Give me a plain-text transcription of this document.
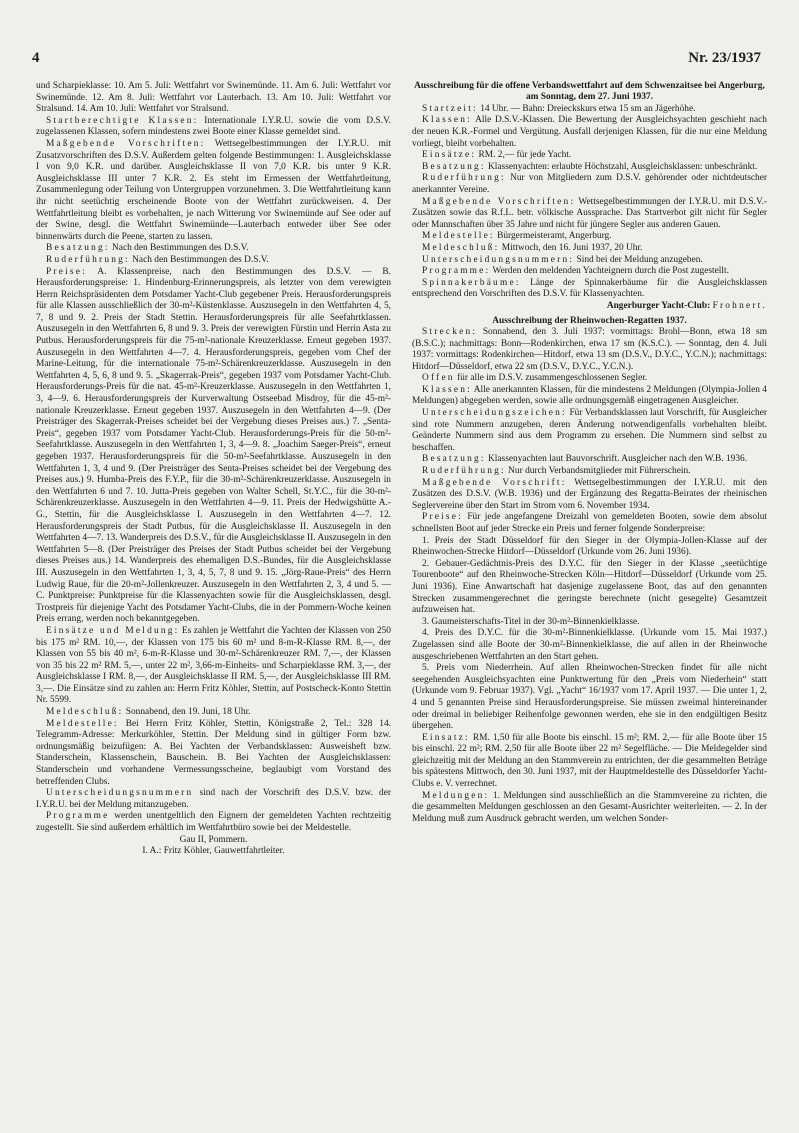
4	Nr. 23/1937

und Scharpieklasse: 10. Am 5. Juli: Wettfahrt vor Swinemünde. 11. Am 6. Juli: Wettfahrt vor Swinemünde. 12. Am 8. Juli: Wettfahrt vor Lauterbach. 13. Am 10. Juli: Wettfahrt vor Stralsund. 14. Am 10. Juli: Wettfahrt vor Stralsund.

Startberechtigte Klassen: Internationale I.Y.R.U. sowie die vom D.S.V. zugelassenen Klassen, sofern mindestens zwei Boote einer Klasse gemeldet sind.

Maßgebende Vorschriften: Wettsegelbestimmungen der I.Y.R.U. mit Zusatzvorschriften des D.S.V. Außerdem gelten folgende Bestimmungen: 1. Ausgleichsklasse I von 9,0 K.R. und darüber. Ausgleichsklasse II von 7,0 K.R. bis unter 9 K.R. Ausgleichsklasse III unter 7 K.R. 2. Es steht im Ermessen der Wettfahrtleitung, Zusammenlegung oder Teilung von Untergruppen vorzunehmen. 3. Die Wettfahrtleitung kann ihr nicht seetüchtig erscheinende Boote von der Wettfahrt zurückweisen. 4. Der Wettfahrtleitung bleibt es vorbehalten, je nach Witterung vor Swinemünde auf See oder auf der Swine, desgl. die Wettfahrt Swinemünde—Lauterbach entweder über See oder binnenwärts durch die Peene, starten zu lassen.

Besatzung: Nach den Bestimmungen des D.S.V.

Ruderführung: Nach den Bestimmungen des D.S.V.

Preise: A. Klassenpreise, nach den Bestimmungen des D.S.V. — B. Herausforderungspreise: 1. Hindenburg-Erinnerungspreis, als letzter von dem verewigten Herrn Reichspräsidenten dem Potsdamer Yacht-Club gegebener Preis. Herausforderungspreis für alle Klassen ausschließlich der 30-m²-Küstenklasse. Auszusegeln in den Wettfahrten 4, 5, 7, 8 und 9. 2. Preis der Stadt Stettin. Herausforderungspreis für alle Seefahrtklassen. Auszusegeln in den Wettfahrten 6, 8 und 9. 3. Preis der verewigten Fürstin und Herrin Asta zu Putbus. Herausforderungspreis für die 75-m²-nationale Kreuzerklasse. Erneut gegeben 1937. Auszusegeln in den Wettfahrten 4—7. 4. Herausforderungspreis, gegeben vom Chef der Marine-Leitung, für die internationale 75-m²-Schärenkreuzerklasse. Auszusegeln in den Wettfahrten 4, 5, 6, 8 und 9. 5. „Skagerrak-Preis“, gegeben 1937 vom Potsdamer Yacht-Club. Herausforderungs-Preis für die nat. 45-m²-Kreuzerklasse. Auszusegeln in den Wettfahrten 1, 3, 4—9. 6. Herausforderungspreis der Kurverwaltung Ostseebad Misdroy, für die 45-m²-nationale Kreuzerklasse. Erneut gegeben 1937. Auszusegeln in den Wettfahrten 4—9. (Der Preisträger des Skagerrak-Preises scheidet bei der Vergebung dieses Preises aus.) 7. „Senta-Preis“, gegeben 1937 vom Potsdamer Yacht-Club. Herausforderungs-Preis für die 50-m²-Seefahrtklasse. Auszusegeln in den Wettfahrten 1, 3, 4—9. 8. „Joachim Saeger-Preis“, erneut gegeben 1937. Herausforderungspreis für die 50-m²-Seefahrtklasse. Auszusegeln in den Wettfahrten 1, 3, 4 und 9. (Der Preisträger des Senta-Preises scheidet bei der Vergebung des Preises aus.) 9. Humba-Preis des F.Y.P., für die 30-m²-Schärenkreuzerklasse. Auszusegeln in den Wettfahrten 6 und 7. 10. Jutta-Preis gegeben von Walter Schell, St.Y.C., für die 30-m²-Schärenkreuzerklasse. Auszusegeln in den Wettfahrten 4—9. 11. Preis der Hedwigshütte A.-G., Stettin, für die Ausgleichsklasse I. Auszusegeln in den Wettfahrten 4—7. 12. Herausforderungspreis der Stadt Putbus, für die Ausgleichsklasse II. Auszusegeln in den Wettfahrten 4—7. 13. Wanderpreis des D.S.V., für die Ausgleichsklasse II. Auszusegeln in den Wettfahrten 5—8. (Der Preisträger des Preises der Stadt Putbus scheidet bei der Vergebung dieses Preises aus.) 14. Wanderpreis des ehemaligen D.S.-Bundes, für die Ausgleichsklasse III. Auszusegeln in den Wettfahrten 1, 3, 4, 5, 7, 8 und 9. 15. „Jörg-Raue-Preis“ des Herrn Ludwig Raue, für die 20-m²-Jollenkreuzer. Auszusegeln in den Wettfahrten 2, 3, 4 und 5. — C. Punktpreise: Punktpreise für die Klassenyachten sowie für die Ausgleichsklassen, desgl. Trostpreis für diejenige Yacht des Potsdamer Yacht-Clubs, die in der Pommern-Woche keinen Preis errang, werden noch bekanntgegeben.

Einsätze und Meldung: Es zahlen je Wettfahrt die Yachten der Klassen von 250 bis 175 m² RM. 10,—, der Klassen von 175 bis 60 m² und 8-m-R-Klasse RM. 8,—, der Klassen von 55 bis 40 m², 6-m-R-Klasse und 30-m²-Schärenkreuzer RM. 7,—, der Klassen von 35 bis 22 m² RM. 5,—, unter 22 m², 3,66-m-Einheits- und Scharpieklasse RM. 3,—, der Ausgleichsklasse I RM. 8,—, der Ausgleichsklasse II RM. 5,—, der Ausgleichsklasse III RM. 3,—. Die Einsätze sind zu zahlen an: Herrn Fritz Köhler, Stettin, auf Postscheck-Konto Stettin Nr. 5599.

Meldeschluß: Sonnabend, den 19. Juni, 18 Uhr.

Meldestelle: Bei Herrn Fritz Köhler, Stettin, Königstraße 2, Tel.: 328 14. Telegramm-Adresse: Merkurköhler, Stettin. Der Meldung sind in gültiger Form bzw. ordnungsmäßig beizufügen: A. Bei Yachten der Verbandsklassen: Ausweisheft bzw. Standerschein, Klassenschein, Bauschein. B. Bei Yachten der Ausgleichsklassen: Standerschein und vorhandene Vermessungsscheine, beglaubigt vom Vorstand des betreffenden Clubs.

Unterscheidungsnummern sind nach der Vorschrift des D.S.V. bzw. der I.Y.R.U. bei der Meldung mitanzugeben.

Programme werden unentgeltlich den Eignern der gemeldeten Yachten rechtzeitig zugestellt. Sie sind außerdem erhältlich im Wettfahrtbüro sowie bei der Meldestelle.

Gau II, Pommern.

I. A.: Fritz Köhler, Gauwettfahrtleiter.

Ausschreibung für die offene Verbandswettfahrt auf dem Schwenzaitsee bei Angerburg, am Sonntag, dem 27. Juni 1937.

Startzeit: 14 Uhr. — Bahn: Dreieckskurs etwa 15 sm an Jägerhöhe.

Klassen: Alle D.S.V.-Klassen. Die Bewertung der Ausgleichsyachten geschieht nach der neuen K.R.-Formel und Vergütung. Ausfall derjenigen Klassen, für die nur eine Meldung vorliegt, bleibt vorbehalten.

Einsätze: RM. 2,— für jede Yacht.

Besatzung: Klassenyachten: erlaubte Höchstzahl, Ausgleichsklassen: unbeschränkt.

Ruderführung: Nur von Mitgliedern zum D.S.V. gehörender oder nichtdeutscher anerkannter Vereine.

Maßgebende Vorschriften: Wettsegelbestimmungen der I.Y.R.U. mit D.S.V.-Zusätzen sowie das R.f.L. betr. völkische Aussprache. Das Startverbot gilt nicht für Segler oder Mannschaften über 35 Jahre und nicht für jüngere Segler aus anderen Gauen.

Meldestelle: Bürgermeisteramt, Angerburg.

Meldeschluß: Mittwoch, den 16. Juni 1937, 20 Uhr.

Unterscheidungsnummern: Sind bei der Meldung anzugeben.

Programme: Werden den meldenden Yachteignern durch die Post zugestellt.

Spinnakerbäume: Länge der Spinnakerbäume für die Ausgleichsklassen entsprechend den Vorschriften des D.S.V. für Klassenyachten.

Angerburger Yacht-Club: Frohnert.

Ausschreibung der Rheinwochen-Regatten 1937.

Strecken: Sonnabend, den 3. Juli 1937: vormittags: Brohl—Bonn, etwa 18 sm (B.S.C.); nachmittags: Bonn—Rodenkirchen, etwa 17 sm (K.S.C.). — Sonntag, den 4. Juli 1937: vormittags: Rodenkirchen—Hitdorf, etwa 13 sm (D.S.V., D.Y.C., Y.C.N.); nachmittags: Hitdorf—Düsseldorf, etwa 22 sm (D.S.V., D.Y.C., Y.C.N.).

Offen für alle im D.S.V. zusammengeschlossenen Segler.

Klassen: Alle anerkannten Klassen, für die mindestens 2 Meldungen (Olympia-Jollen 4 Meldungen) abgegeben werden, sowie alle ordnungsgemäß eingetragenen Ausgleicher.

Unterscheidungszeichen: Für Verbandsklassen laut Vorschrift, für Ausgleicher sind rote Nummern anzugeben, deren Änderung notwendigenfalls vorbehalten bleibt. Geänderte Nummern sind aus dem Programm zu ersehen. Die Nummern sind selbst zu beschaffen.

Besatzung: Klassenyachten laut Bauvorschrift. Ausgleicher nach den W.B. 1936.

Ruderführung: Nur durch Verbandsmitglieder mit Führerschein.

Maßgebende Vorschrift: Wettsegelbestimmungen der I.Y.R.U. mit den Zusätzen des D.S.V. (W.B. 1936) und der Ergänzung des Regatta-Beirates der rheinischen Seglervereine über den Start im Strom vom 6. November 1934.

Preise: Für jede angefangene Dreizahl von gemeldeten Booten, sowie dem absolut schnellsten Boot auf jeder Strecke ein Preis und ferner folgende Sonderpreise:

1. Preis der Stadt Düsseldorf für den Sieger in der Olympia-Jollen-Klasse auf der Rheinwochen-Strecke Hitdorf—Düsseldorf (Urkunde vom 26. Juni 1936).

2. Gebauer-Gedächtnis-Preis des D.Y.C. für den Sieger in der Klasse „seetüchtige Tourenboote“ auf den Rheinwoche-Strecken Köln—Hitdorf—Düsseldorf (Urkunde vom 25. Juni 1936). Eine Anwartschaft hat dasjenige zugelassene Boot, das auf den genannten Strecken zusammengerechnet die geringste berechnete (nicht gesegelte) Gesamtzeit aufzuweisen hat.

3. Gaumeisterschafts-Titel in der 30-m²-Binnenkielklasse.

4. Preis des D.Y.C. für die 30-m²-Binnenkielklasse. (Urkunde vom 15. Mai 1937.) Zugelassen sind alle Boote der 30-m²-Binnenkielklasse, die auf allen in der Rheinwoche ausgeschriebenen Wettfahrten an den Start gehen.

5. Preis vom Niederrhein. Auf allen Rheinwochen-Strecken findet für alle nicht seegehenden Ausgleichsyachten eine Punktwertung für den „Preis vom Niederhein“ statt (Urkunde vom 9. Februar 1937). Vgl. „Yacht“ 16/1937 vom 17. April 1937. — Die unter 1, 2, 4 und 5 genannten Preise sind Herausforderungspreise. Sie müssen zweimal hintereinander oder dreimal in beliebiger Reihenfolge gewonnen werden, ehe sie in den endgültigen Besitz übergehen.

Einsatz: RM. 1,50 für alle Boote bis einschl. 15 m²; RM. 2,— für alle Boote über 15 bis einschl. 22 m²; RM. 2,50 für alle Boote über 22 m² Segelfläche. — Die Meldegelder sind gleichzeitig mit der Meldung an den Stammverein zu entrichten, der die gesammelten Beträge bis spätestens Mittwoch, den 30. Juni 1937, mit der Hauptmeldestelle des Düsseldorfer Yacht-Clubs e. V. verrechnet.

Meldungen: 1. Meldungen sind ausschließlich an die Stammvereine zu richten, die die gesammelten Meldungen geschlossen an den Gesamt-Ausrichter weiterleiten. — 2. In der Meldung muß zum Ausdruck gebracht werden, um welchen Sonder-
